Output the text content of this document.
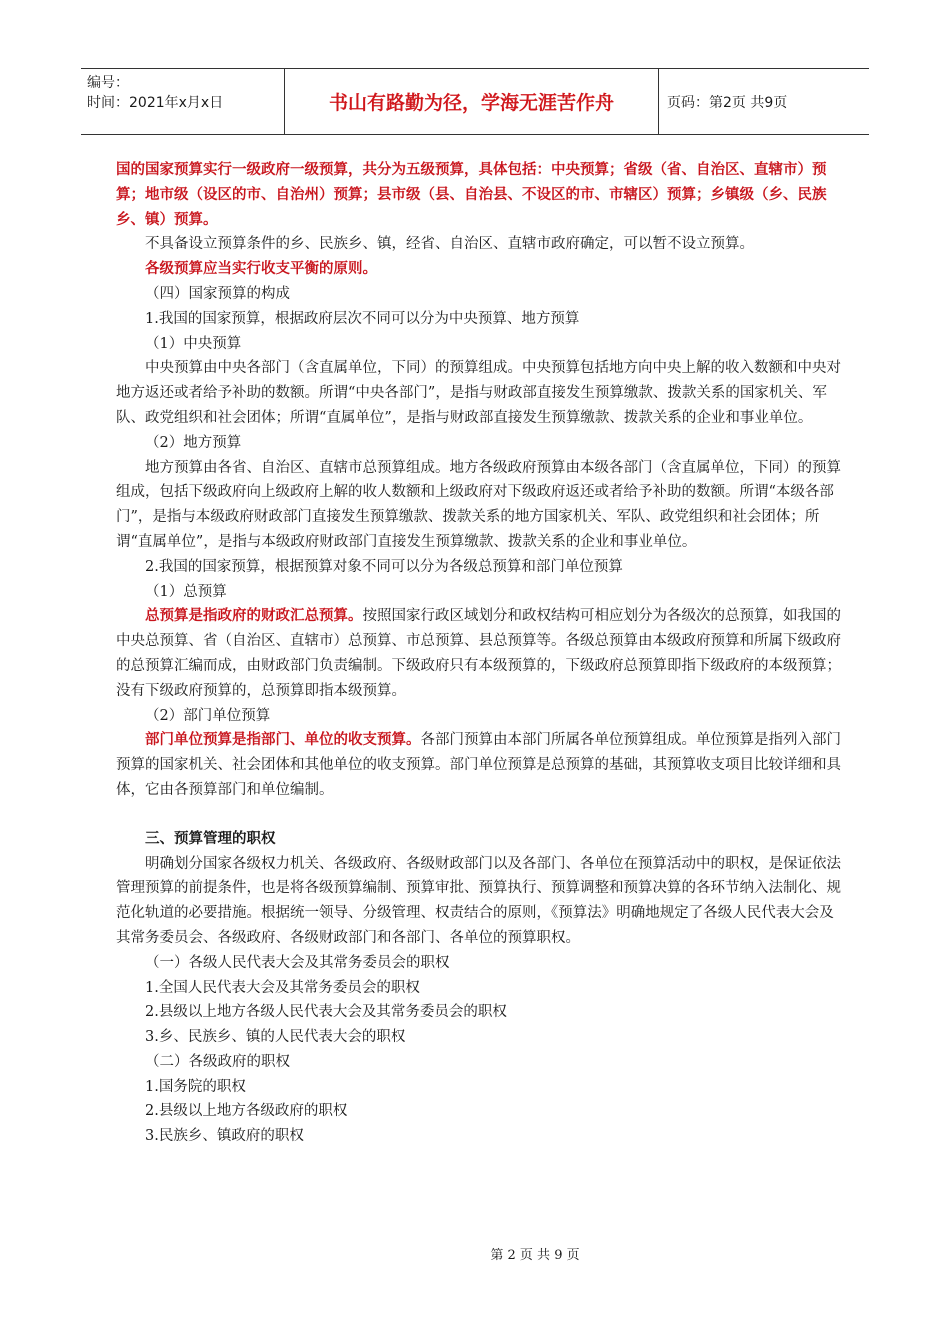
编号：
时间：2021年x月x日	书山有路勤为径，学海无涯苦作舟	页码：第2页 共9页

国的国家预算实行一级政府一级预算，共分为五级预算，具体包括：中央预算；省级（省、自治区、直辖市）预算；地市级（设区的市、自治州）预算；县市级（县、自治县、不设区的市、市辖区）预算；乡镇级（乡、民族乡、镇）预算。

不具备设立预算条件的乡、民族乡、镇，经省、自治区、直辖市政府确定，可以暂不设立预算。

各级预算应当实行收支平衡的原则。

（四）国家预算的构成

1.我国的国家预算，根据政府层次不同可以分为中央预算、地方预算

（1）中央预算

中央预算由中央各部门（含直属单位，下同）的预算组成。中央预算包括地方向中央上解的收入数额和中央对地方返还或者给予补助的数额。所谓“中央各部门”，是指与财政部直接发生预算缴款、拨款关系的国家机关、军队、政党组织和社会团体；所谓“直属单位”，是指与财政部直接发生预算缴款、拨款关系的企业和事业单位。

（2）地方预算

地方预算由各省、自治区、直辖市总预算组成。地方各级政府预算由本级各部门（含直属单位，下同）的预算组成，包括下级政府向上级政府上解的收人数额和上级政府对下级政府返还或者给予补助的数额。所谓“本级各部门”，是指与本级政府财政部门直接发生预算缴款、拨款关系的地方国家机关、军队、政党组织和社会团体；所谓“直属单位”，是指与本级政府财政部门直接发生预算缴款、拨款关系的企业和事业单位。

2.我国的国家预算，根据预算对象不同可以分为各级总预算和部门单位预算

（1）总预算

总预算是指政府的财政汇总预算。按照国家行政区域划分和政权结构可相应划分为各级次的总预算，如我国的中央总预算、省（自治区、直辖市）总预算、市总预算、县总预算等。各级总预算由本级政府预算和所属下级政府的总预算汇编而成，由财政部门负责编制。下级政府只有本级预算的，下级政府总预算即指下级政府的本级预算；没有下级政府预算的，总预算即指本级预算。

（2）部门单位预算

部门单位预算是指部门、单位的收支预算。各部门预算由本部门所属各单位预算组成。单位预算是指列入部门预算的国家机关、社会团体和其他单位的收支预算。部门单位预算是总预算的基础，其预算收支项目比较详细和具体，它由各预算部门和单位编制。

三、预算管理的职权

明确划分国家各级权力机关、各级政府、各级财政部门以及各部门、各单位在预算活动中的职权，是保证依法管理预算的前提条件，也是将各级预算编制、预算审批、预算执行、预算调整和预算决算的各环节纳入法制化、规范化轨道的必要措施。根据统一领导、分级管理、权责结合的原则，《预算法》明确地规定了各级人民代表大会及其常务委员会、各级政府、各级财政部门和各部门、各单位的预算职权。

（一）各级人民代表大会及其常务委员会的职权

1.全国人民代表大会及其常务委员会的职权

2.县级以上地方各级人民代表大会及其常务委员会的职权

3.乡、民族乡、镇的人民代表大会的职权

（二）各级政府的职权

1.国务院的职权

2.县级以上地方各级政府的职权

3.民族乡、镇政府的职权

第 2 页 共 9 页
